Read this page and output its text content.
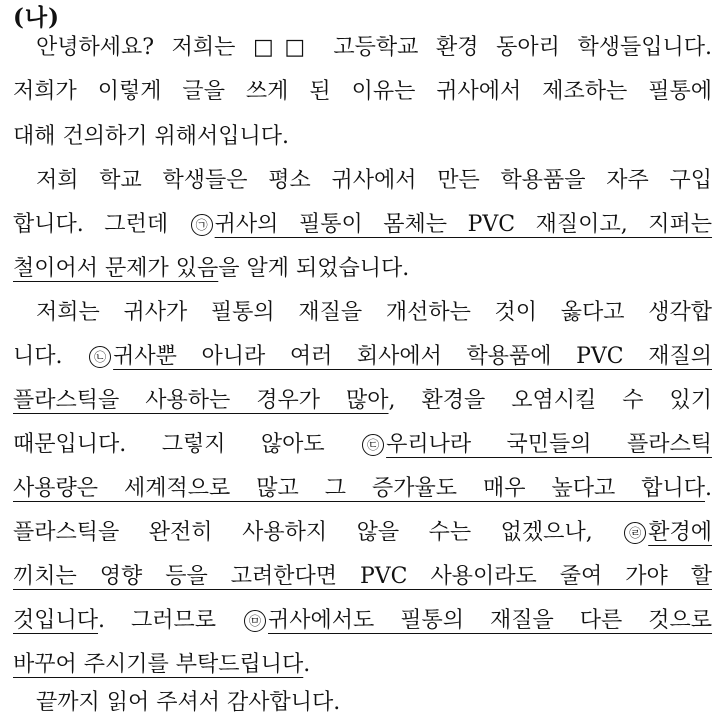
(나)
안녕하세요? 저희는 □□ 고등학교 환경 동아리 학생들입니다.
저희가 이렇게 글을 쓰게 된 이유는 귀사에서 제조하는 필통에
대해 건의하기 위해서입니다.
저희 학교 학생들은 평소 귀사에서 만든 학용품을 자주 구입
합니다. 그런데 ㉠ 귀사의 필통이 몸체는 PVC 재질이고, 지퍼는
철이어서 문제가 있음을 알게 되었습니다.
저희는 귀사가 필통의 재질을 개선하는 것이 옳다고 생각합
니다.	㉡ 귀사뿐 아니라 여러 회사에서 학용품에 PVC 재질의
플라스틱을 사용하는 경우가 많아, 환경을 오염시킬 수 있기
때문입니다. 그렇지 않아도	㉢ 우리나라 국민들의 플라스틱
사용량은 세계적으로 많고 그 증가율도 매우 높다고 합니다.
플라스틱을 완전히 사용하지 않을 수는 없겠으나,	㉣ 환경에
끼치는 영향 등을 고려한다면 PVC 사용이라도 줄여 가야 할
것입니다. 그러므로	㉤ 귀사에서도 필통의 재질을 다른 것으로
바꾸어 주시기를 부탁드립니다.
끝까지 읽어 주셔서 감사합니다.
